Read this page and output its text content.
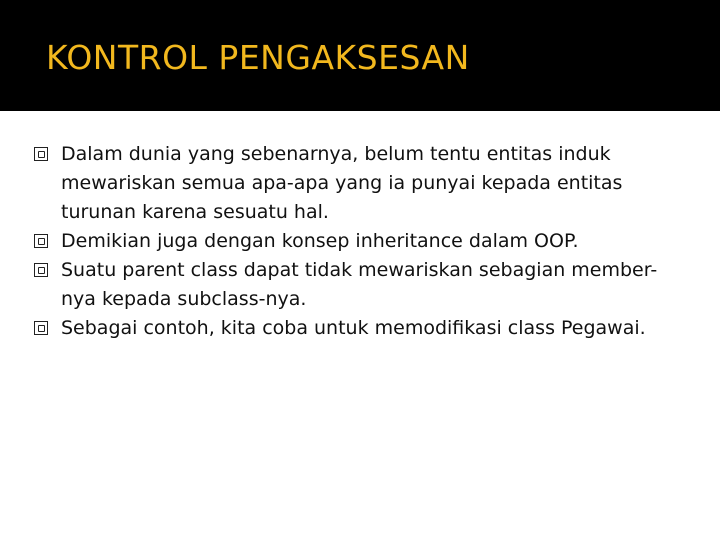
KONTROL PENGAKSESAN
Dalam dunia yang sebenarnya, belum tentu entitas induk mewariskan semua apa-apa yang ia punyai kepada entitas turunan karena sesuatu hal.
Demikian juga dengan konsep inheritance dalam OOP.
Suatu parent class dapat tidak mewariskan sebagian member-nya kepada subclass-nya.
Sebagai contoh, kita coba untuk memodifikasi class Pegawai.
